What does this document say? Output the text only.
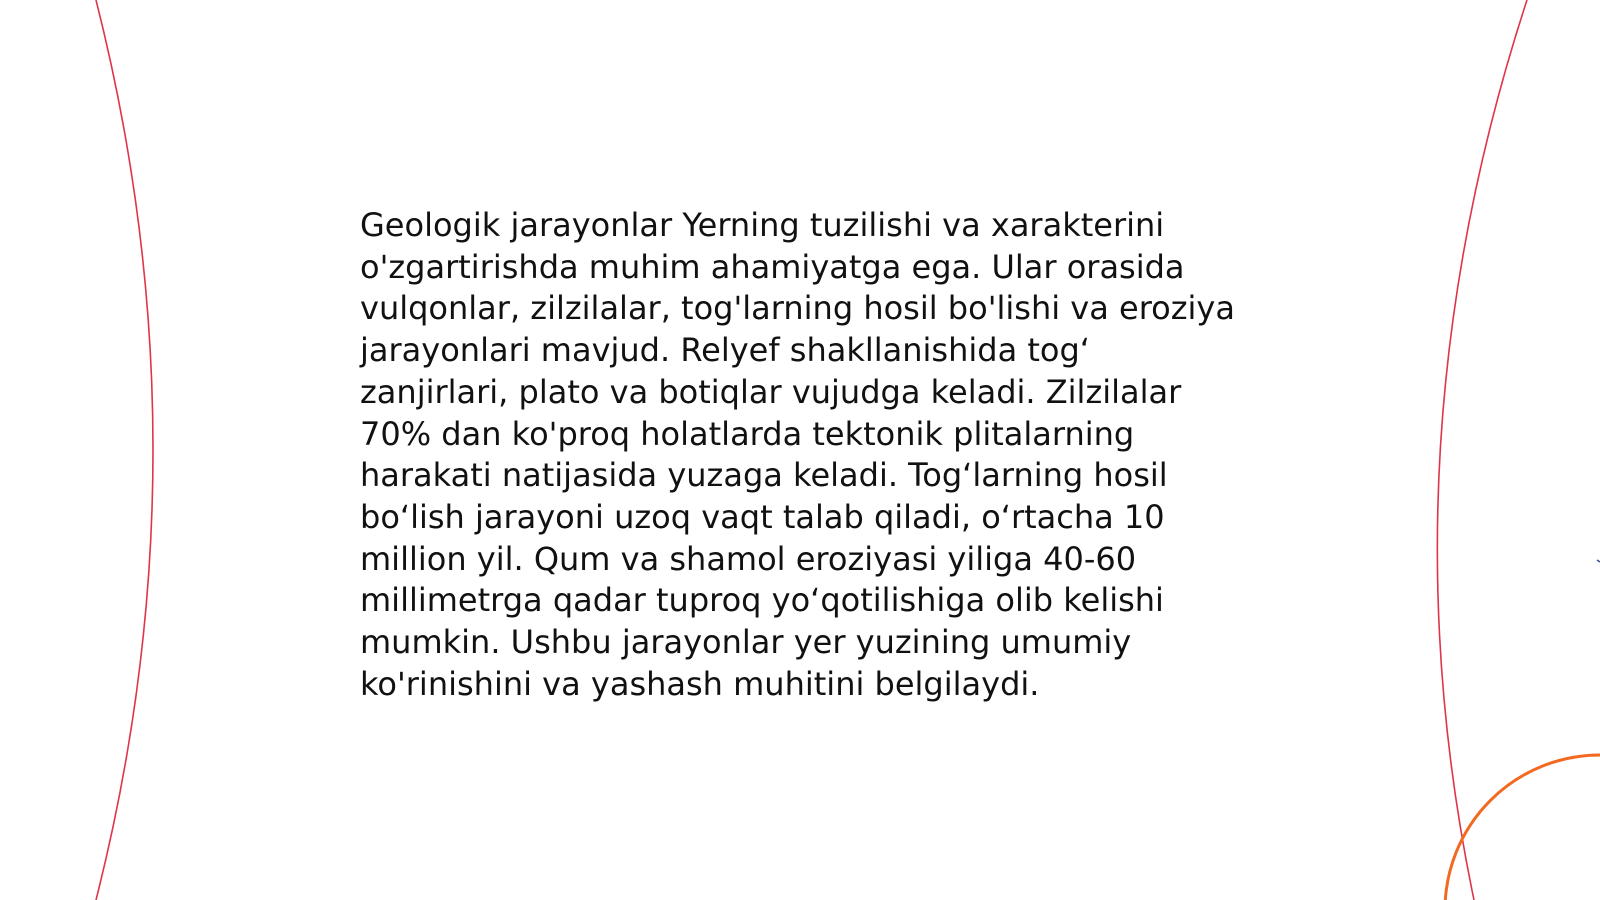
Geologik jarayonlar Yerning tuzilishi va xarakterini
o'zgartirishda muhim ahamiyatga ega. Ular orasida
vulqonlar, zilzilalar, tog'larning hosil bo'lishi va eroziya
jarayonlari mavjud. Relyef shakllanishida tog‘
zanjirlari, plato va botiqlar vujudga keladi. Zilzilalar
70% dan ko'proq holatlarda tektonik plitalarning
harakati natijasida yuzaga keladi. Tog‘larning hosil
bo‘lish jarayoni uzoq vaqt talab qiladi, o‘rtacha 10
million yil. Qum va shamol eroziyasi yiliga 40-60
millimetrga qadar tuproq yo‘qotilishiga olib kelishi
mumkin. Ushbu jarayonlar yer yuzining umumiy
ko'rinishini va yashash muhitini belgilaydi.
